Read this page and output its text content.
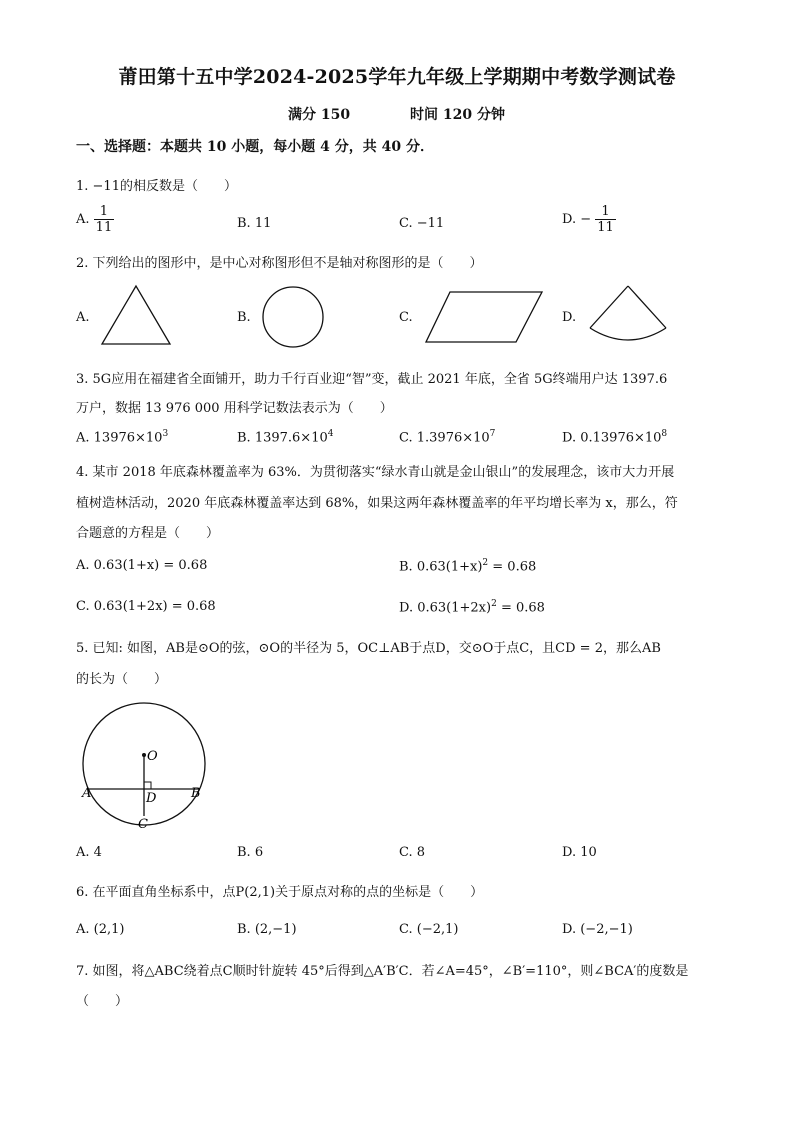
莆田第十五中学2024-2025学年九年级上学期期中考数学测试卷
满分 150	时间 120 分钟
一、选择题：本题共 10 小题，每小题 4 分，共 40 分．
1. −11的相反数是（　　）
A. $\frac{1}{11}$	B. 11	C. −11	D. − $\frac{1}{11}$
2. 下列给出的图形中，是中心对称图形但不是轴对称图形的是（　　）
A.	B.	C.	D.
3. 5G应用在福建省全面铺开，助力千行百业迎“智”变，截止 2021 年底，全省 5G终端用户达 1397.6
万户，数据 13 976 000 用科学记数法表示为（　　）
A. $13976\times 10^3$	B. $1397.6\times 10^4$	C. $1.3976\times 10^7$	D. $0.13976\times 10^8$
4. 某市 2018 年底森林覆盖率为 63%．为贯彻落实“绿水青山就是金山银山”的发展理念，该市大力开展
植树造林活动，2020 年底森林覆盖率达到 68%，如果这两年森林覆盖率的年平均增长率为 x，那么，符
合题意的方程是（　　）
A. 0.63(1+x) = 0.68	B. $0.63(1+x)^2 = 0.68$
C. 0.63(1+2x) = 0.68	D. $0.63(1+2x)^2 = 0.68$
5. 已知: 如图，AB是⊙O的弦，⊙O的半径为 5，OC⊥AB于点D，交⊙O于点C，且CD = 2，那么AB
的长为（　　）
O
A	B
C
D
A. 4	B. 6	C. 8	D. 10
6. 在平面直角坐标系中，点P(2,1)关于原点对称的点的坐标是（　　）
A. (2,1)	B. (2,−1)	C. (−2,1)	D. (−2,−1)
7. 如图，将△ABC绕着点C顺时针旋转 45°后得到△A′B′C．若∠A=45°，∠B′=110°，则∠BCA′的度数是
（　　）
